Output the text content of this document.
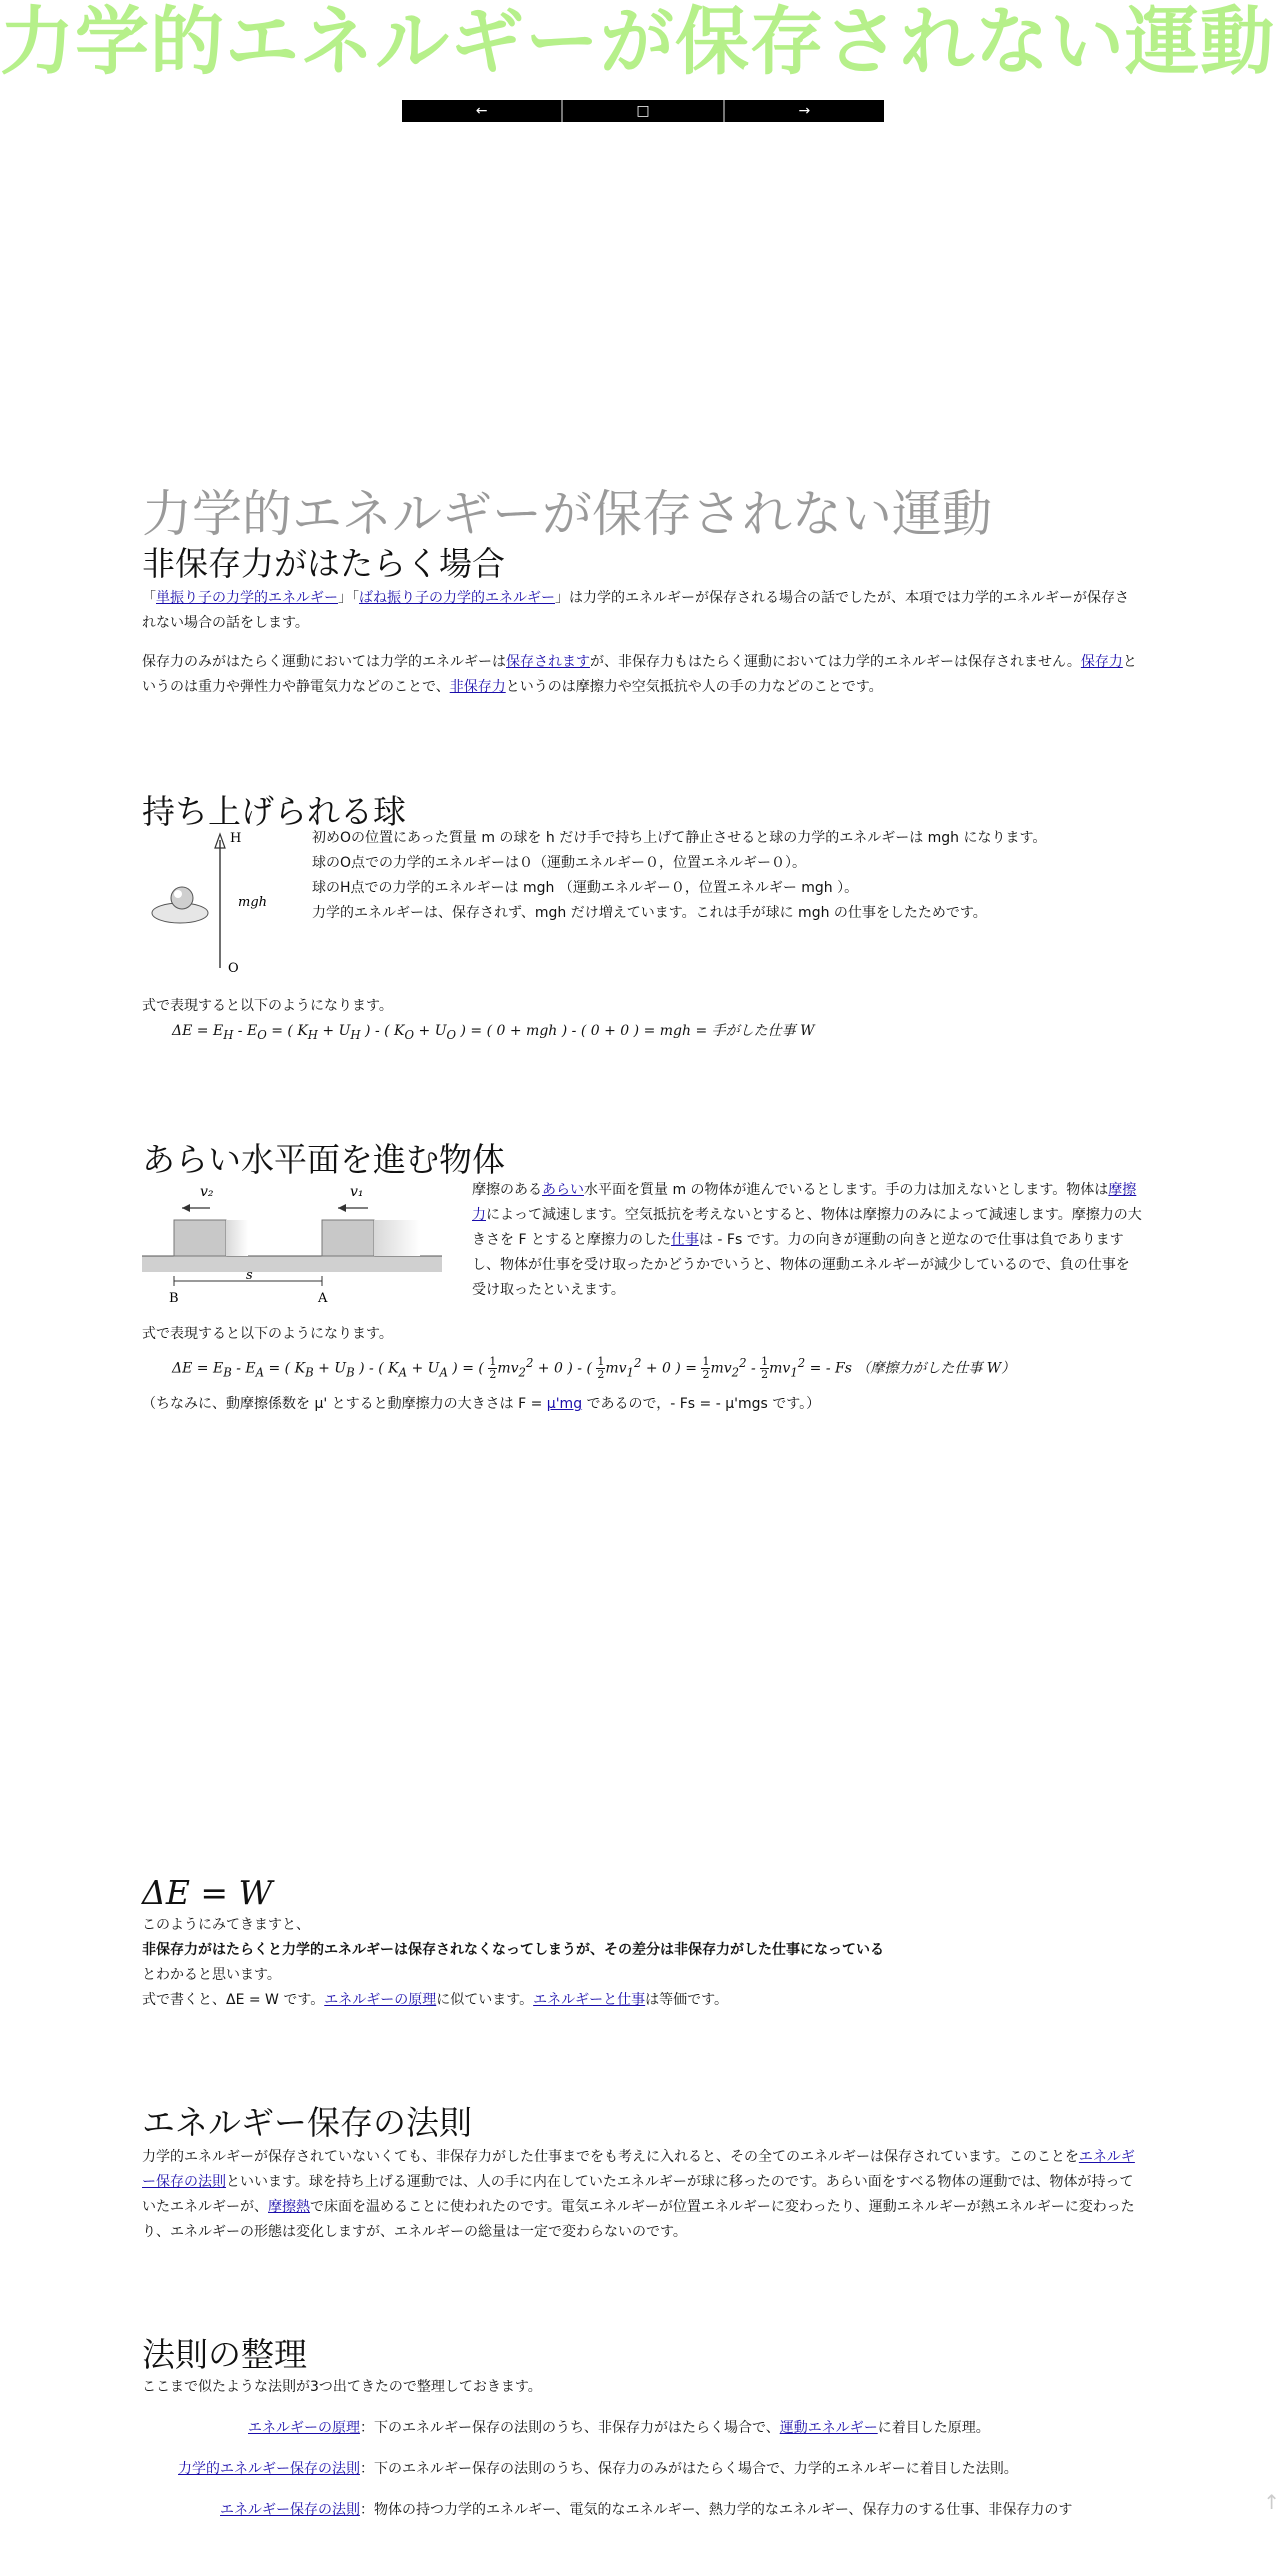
力学的エネルギーが保存されない運動
←	□	→
力学的エネルギーが保存されない運動
非保存力がはたらく場合

「単振り子の力学的エネルギー」「ばね振り子の力学的エネルギー」は力学的エネルギーが保存される場合の話でしたが、本項では力学的エネルギーが保存されない場合の話をします。

保存力のみがはたらく運動においては力学的エネルギーは保存されますが、非保存力もはたらく運動においては力学的エネルギーは保存されません。保存力というのは重力や弾性力や静電気力などのことで、非保存力というのは摩擦力や空気抵抗や人の手の力などのことです。

持ち上げられる球
H
O
mgh

初めOの位置にあった質量 m の球を h だけ手で持ち上げて静止させると球の力学的エネルギーは mgh になります。

球のO点での力学的エネルギーは０（運動エネルギー０，位置エネルギー０）。

球のH点での力学的エネルギーは mgh （運動エネルギー０，位置エネルギー mgh ）。

力学的エネルギーは、保存されず、mgh だけ増えています。これは手が球に mgh の仕事をしたためです。

式で表現すると以下のようになります。

$\Delta E = E_H - E_O$ = ( $K_H + U_H$ ) - ( $K_O + U_O$ ) = ( 0 + mgh ) - ( 0 + 0 ) = mgh = 手がした仕事 W

あらい水平面を進む物体
v₂	v₁
s
B	A

摩擦のあるあらい水平面を質量 m の物体が進んでいるとします。手の力は加えないとします。物体は摩擦力によって減速します。空気抵抗を考えないとすると、物体は摩擦力のみによって減速します。摩擦力の大きさを F とすると摩擦力のした仕事は - Fs です。力の向きが運動の向きと逆なので仕事は負でありますし、物体が仕事を受け取ったかどうかでいうと、物体の運動エネルギーが減少しているので、負の仕事を受け取ったといえます。

式で表現すると以下のようになります。

$\Delta E = E_B - E_A$ = ( $K_B + U_B$ ) - ( $K_A + U_A$ ) = ( $\frac{1}{2} mv_2^2 + 0$ ) - ( $\frac{1}{2} mv_1^2 + 0$ ) = $\frac{1}{2} mv_2^2 - \frac{1}{2} mv_1^2$ = - Fs （摩擦力がした仕事 W）

（ちなみに、動摩擦係数を μ' とすると動摩擦力の大きさは F = μ'mg であるので，- Fs = - μ'mgs です。）

ΔE = W

このようにみてきますと、

非保存力がはたらくと力学的エネルギーは保存されなくなってしまうが、その差分は非保存力がした仕事になっている

とわかると思います。

式で書くと、ΔE = W です。エネルギーの原理に似ています。エネルギーと仕事は等価です。

エネルギー保存の法則

力学的エネルギーが保存されていないくても、非保存力がした仕事までをも考えに入れると、その全てのエネルギーは保存されています。このことをエネルギー保存の法則といいます。球を持ち上げる運動では、人の手に内在していたエネルギーが球に移ったのです。あらい面をすべる物体の運動では、物体が持っていたエネルギーが、摩擦熱で床面を温めることに使われたのです。電気エネルギーが位置エネルギーに変わったり、運動エネルギーが熱エネルギーに変わったり、エネルギーの形態は変化しますが、エネルギーの総量は一定で変わらないのです。

法則の整理

ここまで似たような法則が3つ出てきたので整理しておきます。

エネルギーの原理 ：下のエネルギー保存の法則のうち、非保存力がはたらく場合で、運動エネルギーに着目した原理。
力学的エネルギー保存の法則 ：下のエネルギー保存の法則のうち、保存力のみがはたらく場合で、力学的エネルギーに着目した法則。
エネルギー保存の法則 ：物体の持つ力学的エネルギー、電気的なエネルギー、熱力学的なエネルギー、保存力のする仕事、非保存力のす	↑
